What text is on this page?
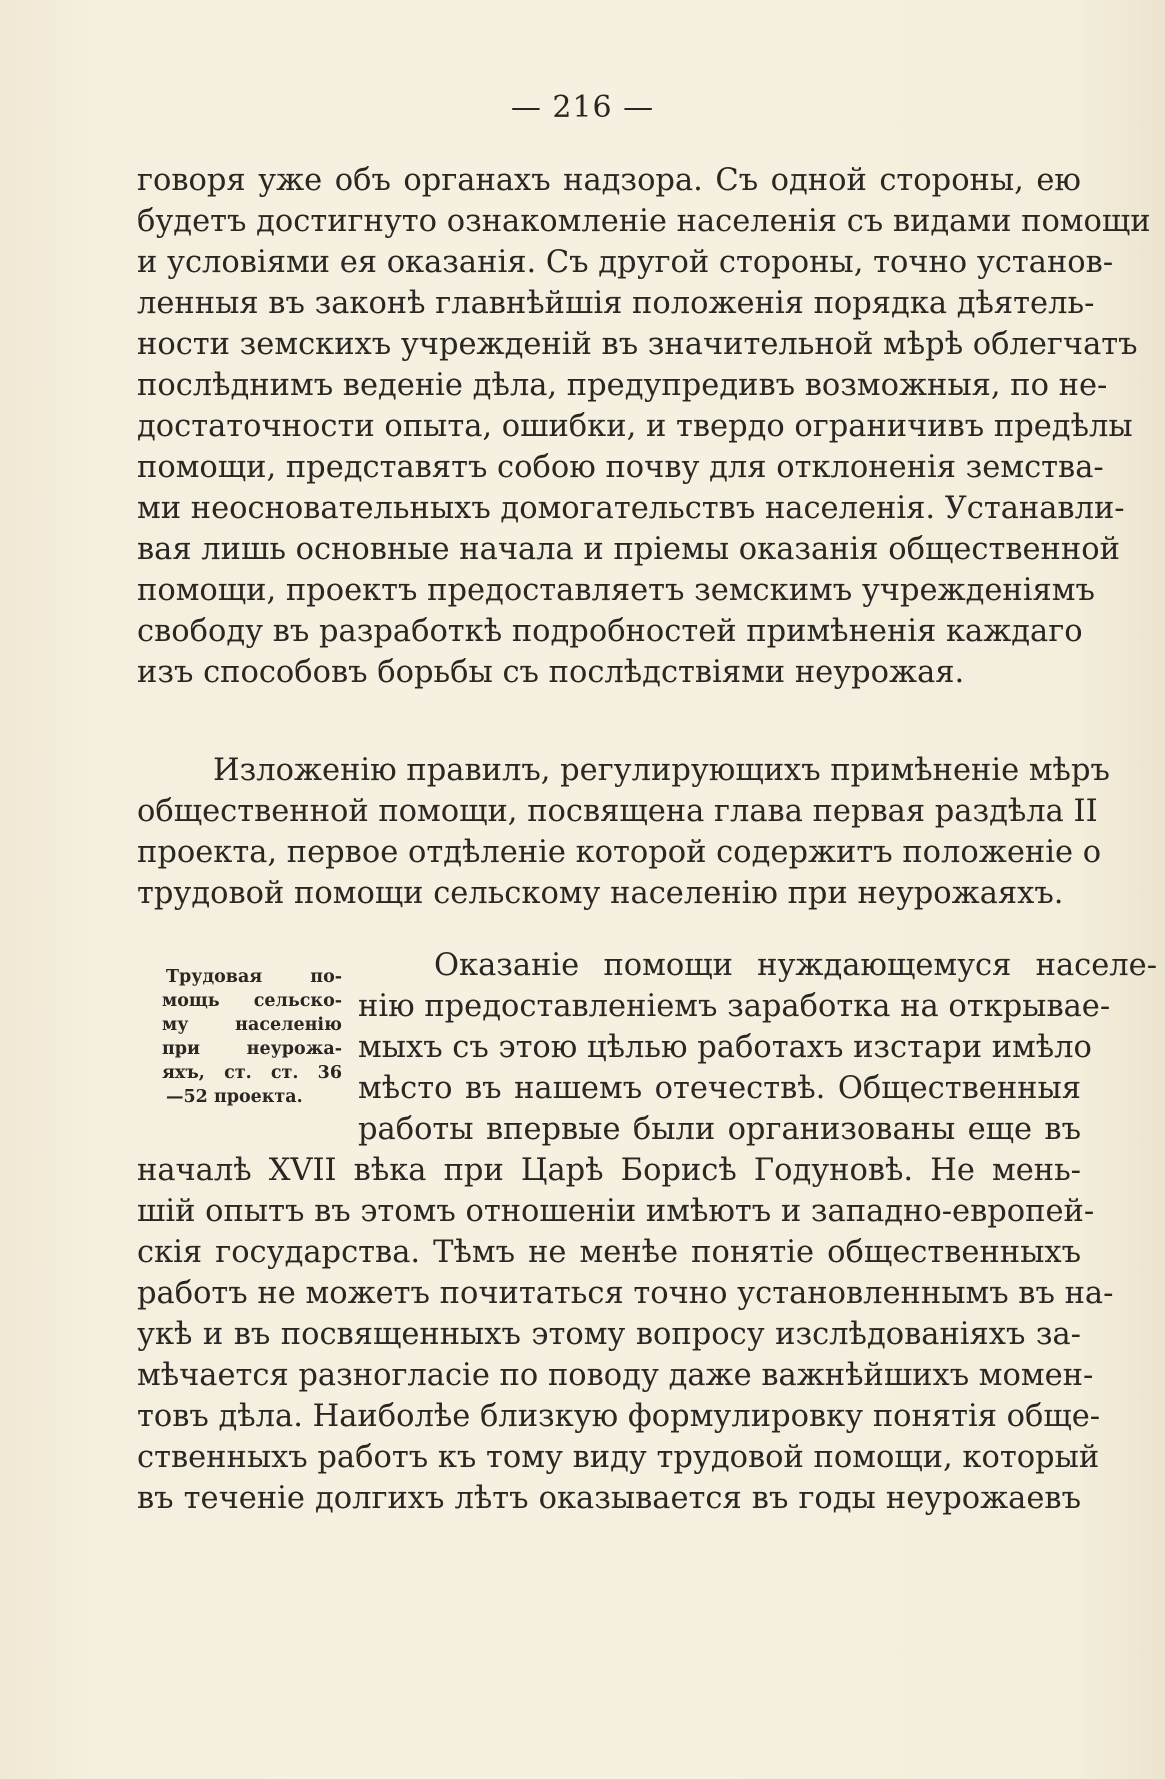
— 216 —
говоря уже объ органахъ надзора. Съ одной стороны, ею
будетъ достигнуто ознакомленіе населенія съ видами помощи
и условіями ея оказанія. Съ другой стороны, точно установ-
ленныя въ законѣ главнѣйшія положенія порядка дѣятель-
ности земскихъ учрежденій въ значительной мѣрѣ облегчатъ
послѣднимъ веденіе дѣла, предупредивъ возможныя, по не-
достаточности опыта, ошибки, и твердо ограничивъ предѣлы
помощи, представятъ собою почву для отклоненія земства-
ми неосновательныхъ домогательствъ населенія. Устанавли-
вая лишь основные начала и пріемы оказанія общественной
помощи, проектъ предоставляетъ земскимъ учрежденіямъ
свободу въ разработкѣ подробностей примѣненія каждаго
изъ способовъ борьбы съ послѣдствіями неурожая.
Изложенію правилъ, регулирующихъ примѣненіе мѣръ
общественной помощи, посвящена глава первая раздѣла II
проекта, первое отдѣленіе которой содержитъ положеніе о
трудовой помощи сельскому населенію при неурожаяхъ.
Трудовая по-
мощь сельско-
му населенію
при неурожа-
яхъ, ст. ст. 36
—52 проекта.
Оказаніе помощи нуждающемуся населе-
нію предоставленіемъ заработка на открывае-
мыхъ съ этою цѣлью работахъ изстари имѣло
мѣсто въ нашемъ отечествѣ. Общественныя
работы впервые были организованы еще въ
началѣ XVII вѣка при Царѣ Борисѣ Годуновѣ. Не мень-
шій опытъ въ этомъ отношеніи имѣютъ и западно-европей-
скія государства. Тѣмъ не менѣе понятіе общественныхъ
работъ не можетъ почитаться точно установленнымъ въ на-
укѣ и въ посвященныхъ этому вопросу изслѣдованіяхъ за-
мѣчается разногласіе по поводу даже важнѣйшихъ момен-
товъ дѣла. Наиболѣе близкую формулировку понятія обще-
ственныхъ работъ къ тому виду трудовой помощи, который
въ теченіе долгихъ лѣтъ оказывается въ годы неурожаевъ
